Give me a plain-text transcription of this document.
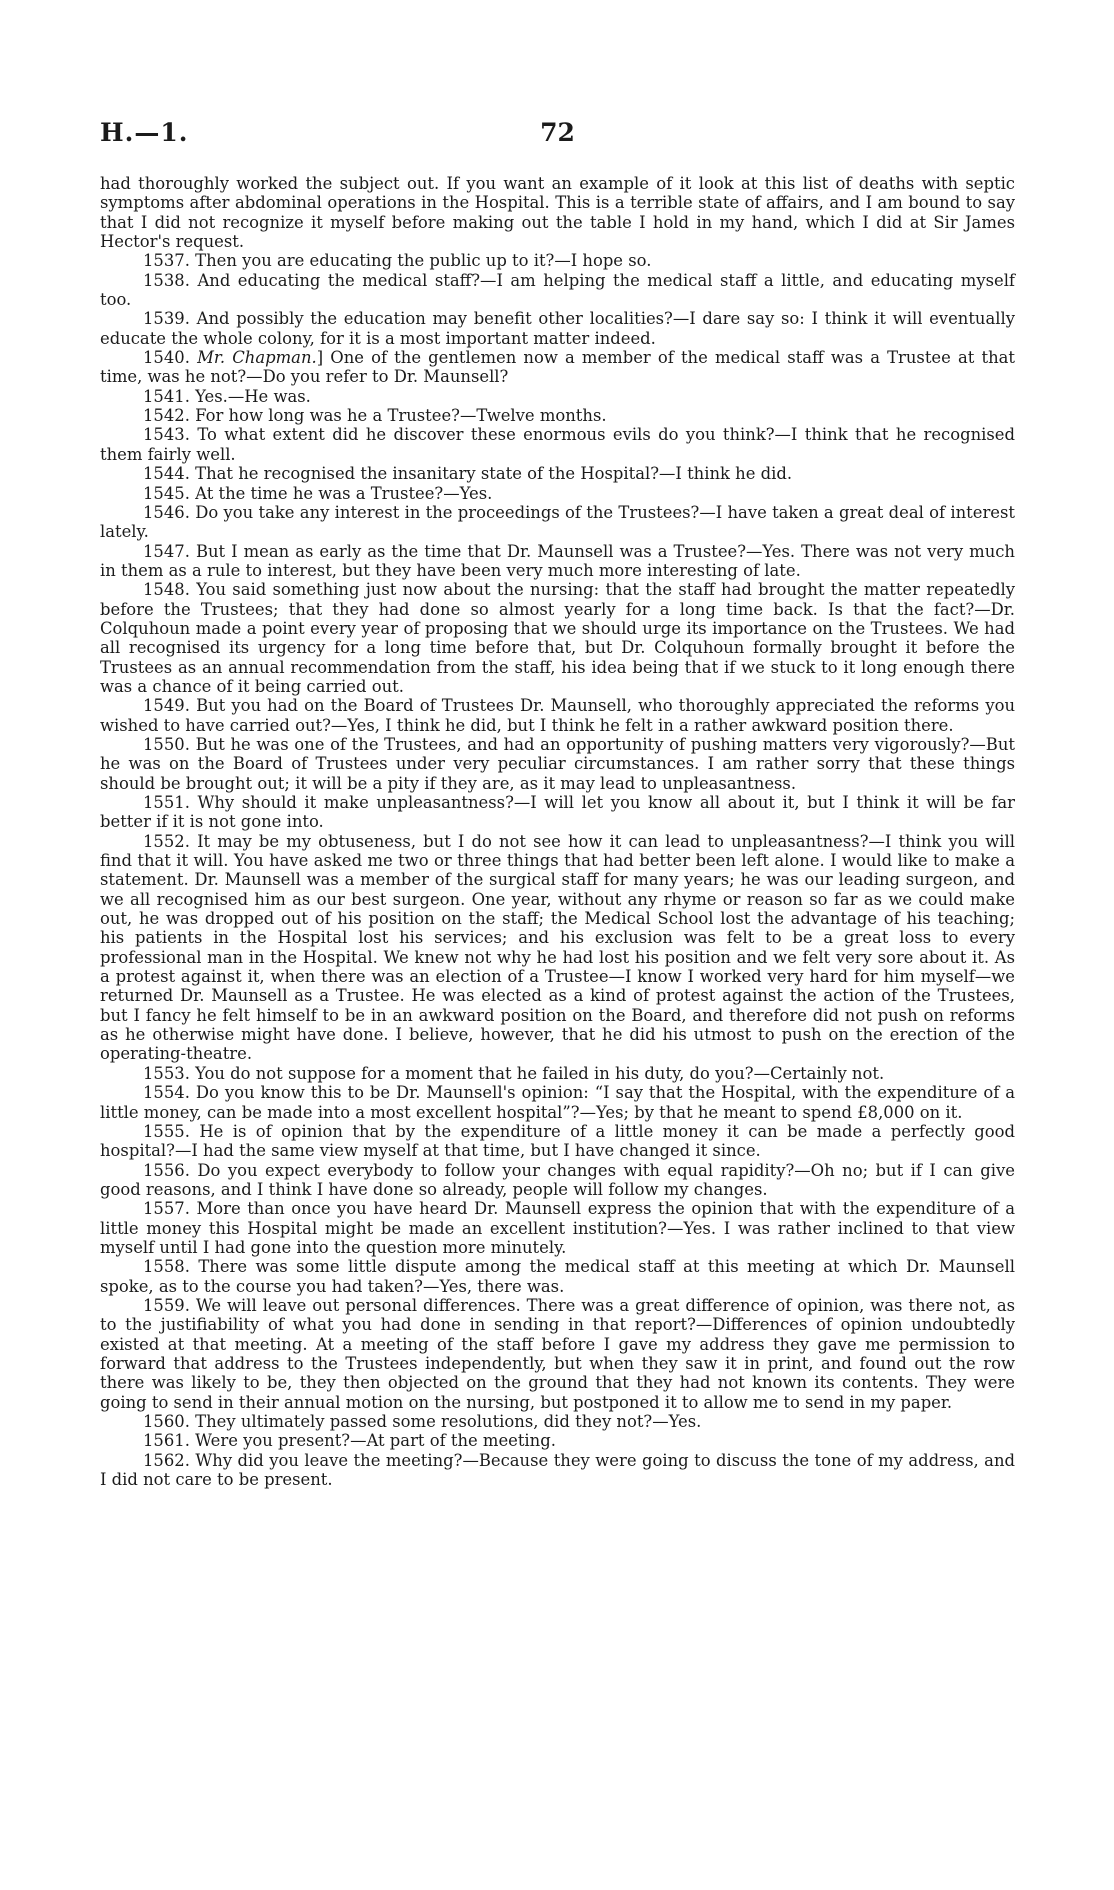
H.—1.	72

had thoroughly worked the subject out. If you want an example of it look at this list of deaths with septic symptoms after abdominal operations in the Hospital. This is a terrible state of affairs, and I am bound to say that I did not recognize it myself before making out the table I hold in my hand, which I did at Sir James Hector's request.

1537. Then you are educating the public up to it?—I hope so.

1538. And educating the medical staff?—I am helping the medical staff a little, and educating myself too.

1539. And possibly the education may benefit other localities?—I dare say so: I think it will eventually educate the whole colony, for it is a most important matter indeed.

1540. Mr. Chapman.] One of the gentlemen now a member of the medical staff was a Trustee at that time, was he not?—Do you refer to Dr. Maunsell?

1541. Yes.—He was.

1542. For how long was he a Trustee?—Twelve months.

1543. To what extent did he discover these enormous evils do you think?—I think that he recognised them fairly well.

1544. That he recognised the insanitary state of the Hospital?—I think he did.

1545. At the time he was a Trustee?—Yes.

1546. Do you take any interest in the proceedings of the Trustees?—I have taken a great deal of interest lately.

1547. But I mean as early as the time that Dr. Maunsell was a Trustee?—Yes. There was not very much in them as a rule to interest, but they have been very much more interesting of late.

1548. You said something just now about the nursing: that the staff had brought the matter repeatedly before the Trustees; that they had done so almost yearly for a long time back. Is that the fact?—Dr. Colquhoun made a point every year of proposing that we should urge its importance on the Trustees. We had all recognised its urgency for a long time before that, but Dr. Colquhoun formally brought it before the Trustees as an annual recommendation from the staff, his idea being that if we stuck to it long enough there was a chance of it being carried out.

1549. But you had on the Board of Trustees Dr. Maunsell, who thoroughly appreciated the reforms you wished to have carried out?—Yes, I think he did, but I think he felt in a rather awkward position there.

1550. But he was one of the Trustees, and had an opportunity of pushing matters very vigorously?—But he was on the Board of Trustees under very peculiar circumstances. I am rather sorry that these things should be brought out; it will be a pity if they are, as it may lead to unpleasantness.

1551. Why should it make unpleasantness?—I will let you know all about it, but I think it will be far better if it is not gone into.

1552. It may be my obtuseness, but I do not see how it can lead to unpleasantness?—I think you will find that it will. You have asked me two or three things that had better been left alone. I would like to make a statement. Dr. Maunsell was a member of the surgical staff for many years; he was our leading surgeon, and we all recognised him as our best surgeon. One year, without any rhyme or reason so far as we could make out, he was dropped out of his position on the staff; the Medical School lost the advantage of his teaching; his patients in the Hospital lost his services; and his exclusion was felt to be a great loss to every professional man in the Hospital. We knew not why he had lost his position and we felt very sore about it. As a protest against it, when there was an election of a Trustee—I know I worked very hard for him myself—we returned Dr. Maunsell as a Trustee. He was elected as a kind of protest against the action of the Trustees, but I fancy he felt himself to be in an awkward position on the Board, and therefore did not push on reforms as he otherwise might have done. I believe, however, that he did his utmost to push on the erection of the operating-theatre.

1553. You do not suppose for a moment that he failed in his duty, do you?—Certainly not.

1554. Do you know this to be Dr. Maunsell's opinion: “I say that the Hospital, with the expenditure of a little money, can be made into a most excellent hospital”?—Yes; by that he meant to spend £8,000 on it.

1555. He is of opinion that by the expenditure of a little money it can be made a perfectly good hospital?—I had the same view myself at that time, but I have changed it since.

1556. Do you expect everybody to follow your changes with equal rapidity?—Oh no; but if I can give good reasons, and I think I have done so already, people will follow my changes.

1557. More than once you have heard Dr. Maunsell express the opinion that with the expenditure of a little money this Hospital might be made an excellent institution?—Yes. I was rather inclined to that view myself until I had gone into the question more minutely.

1558. There was some little dispute among the medical staff at this meeting at which Dr. Maunsell spoke, as to the course you had taken?—Yes, there was.

1559. We will leave out personal differences. There was a great difference of opinion, was there not, as to the justifiability of what you had done in sending in that report?—Differences of opinion undoubtedly existed at that meeting. At a meeting of the staff before I gave my address they gave me permission to forward that address to the Trustees independently, but when they saw it in print, and found out the row there was likely to be, they then objected on the ground that they had not known its contents. They were going to send in their annual motion on the nursing, but postponed it to allow me to send in my paper.

1560. They ultimately passed some resolutions, did they not?—Yes.

1561. Were you present?—At part of the meeting.

1562. Why did you leave the meeting?—Because they were going to discuss the tone of my address, and I did not care to be present.
